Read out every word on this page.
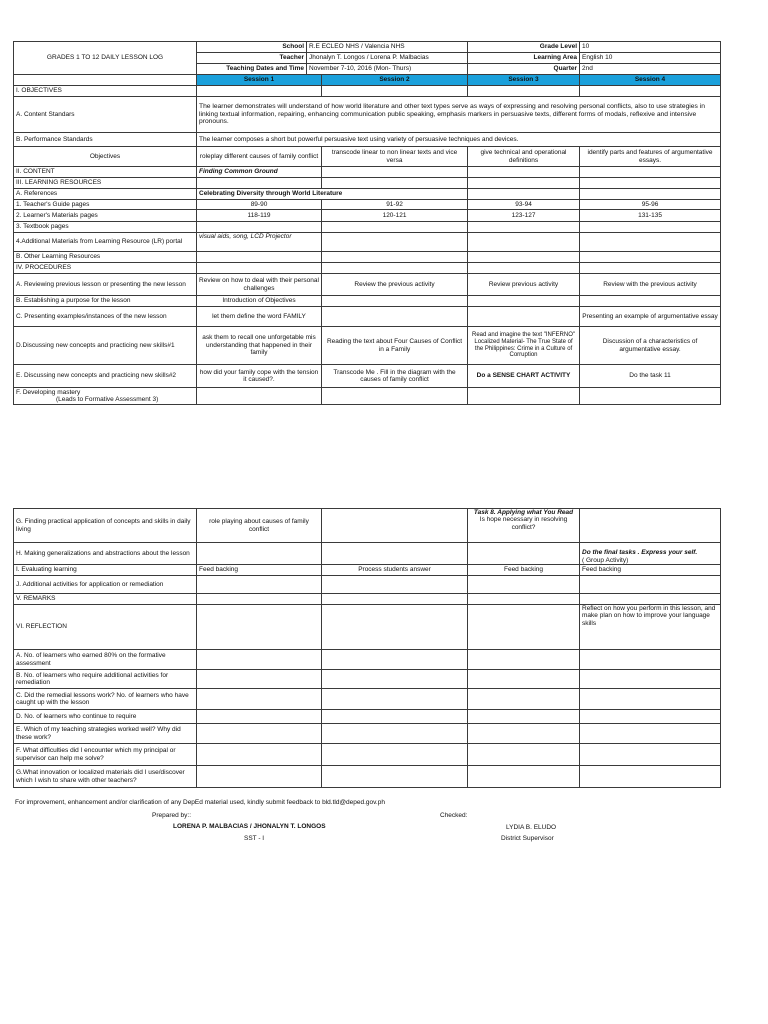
GRADES 1 TO 12 DAILY LESSON LOG	School R.E ECLEO NHS / Valencia NHS		Grade Level	10

	Teacher Jhonalyn T. Longos / Lorena P. Malbacias		Learning Area	English 10

	Teaching Dates and Time November 7-10, 2016 (Mon- Thurs)		Quarter	2nd
	Session 1	Session 2	Session 3	Session 4
I. OBJECTIVES				
A. Content Standars	The learner demonstrates will understand of how world literature and other text types serve as ways of expressing and resolving personal conflicts, also to use strategies in linking textual information, repairing, enhancing communication public speaking, emphasis markers in persuasive texts, different forms of modals, reflexive and intensive pronouns.			
B. Performance Standards	The learner composes a short but powerful persuasive text using variety of persuasive techniques and devices.			
Objectives	roleplay different causes of family conflict	transcode linear to non linear texts and vice versa	give technical and operational definitions	identify parts and features of argumentative essays.
II. CONTENT	Finding Common Ground			
III. LEARNING RESOURCES				
A. References	Celebrating Diversity through World Literature			
1. Teacher's Guide pages	89-90	91-92	93-94	95-96
2. Learner's Materials pages	118-119	120-121	123-127	131-135
3. Textbook pages				
4.Additional Materials from Learning Resource (LR) portal	visual aids, song, LCD Projector			
B. Other Learning Resources				
IV. PROCEDURES				
A. Reviewing previous lesson or presenting the new lesson	Review on how to deal with their personal challenges	Review the previous activity	Review previous activity	Review with the previous activity
B. Establishing a purpose for the lesson	Introduction of Objectives			
C. Presenting examples/instances of the new lesson	let them define the word FAMILY			Presenting an example of argumentative essay
D.Discussing new concepts and practicing new skills#1	ask them to recall one unforgetable mis understanding that happened in their family	Reading the text about Four Causes of Conflict in a Family	Read and imagine the text "INFERNO" Localized Material- The True State of the Philippines: Crime in a Culture of Corruption	Discussion of a characteristics of argumentative essay.
E. Discussing new concepts and practicing new skills#2	how did your family cope with the tension it caused?.	Transcode Me . Fill in the diagram with the causes of family conflict	Do a SENSE CHART ACTIVITY	Do the task 11

F. Developing mastery
(Leads to Formative Assessment 3)				

G. Finding practical application of concepts and skills in daily living	role playing about causes of family conflict		Task 8. Applying what You Read
Is hope necessary in resolving conflict?	

H. Making generalizations and abstractions about the lesson				Do the final tasks . Express your self.
( Group Activity)

I. Evaluating learning	Feed backing	Process students answer	Feed backing	Feed backing
J. Additional activities for application or remediation				
V. REMARKS				
VI. REFLECTION				Reflect on how you perform in this lesson, and make plan on how to improve your language skills
A. No. of learners who earned 80% on the formative assessment				
B. No. of learners who require additional activities for remediation				
C. Did the remedial lessons work? No. of learners who have caught up with the lesson				
D. No. of learners who continue to require				
E. Which of my teaching strategies worked well? Why did these work?				
F. What difficulties did I encounter which my principal or supervisor can help me solve?				
G.What innovation or localized materials did I use/discover which I wish to share with other teachers?				
For improvement, enhancement and/or clarification of any DepEd material used, kindly submit feedback to bld.tld@deped.gov.ph
Prepared by::	Checked:
LORENA P. MALBACIAS / JHONALYN T. LONGOS
SST - I
LYDIA B. ELUDO
District Supervisor
